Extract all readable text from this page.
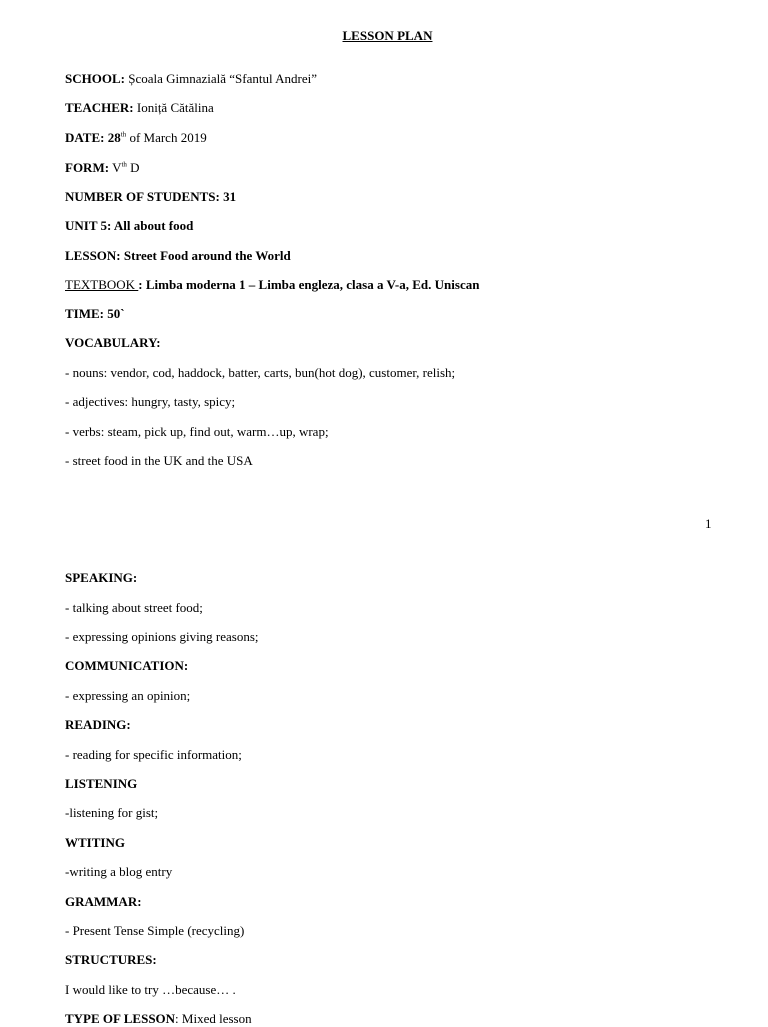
LESSON PLAN
SCHOOL: Școala Gimnazială “Sfantul Andrei”
TEACHER: Ioniță Cătălina
DATE: 28th of March 2019
FORM: Vth D
NUMBER OF STUDENTS: 31
UNIT 5: All about food
LESSON: Street Food around the World
TEXTBOOK : Limba moderna 1 – Limba engleza, clasa a V-a, Ed. Uniscan
TIME: 50`
VOCABULARY:
- nouns: vendor, cod, haddock, batter, carts, bun(hot dog), customer, relish;
- adjectives: hungry, tasty, spicy;
- verbs: steam, pick up, find out, warm…up, wrap;
- street food in the UK and the USA
1
SPEAKING:
- talking about street food;
- expressing opinions giving reasons;
COMMUNICATION:
- expressing an opinion;
READING:
- reading for specific information;
LISTENING
-listening for gist;
WTITING
-writing a blog entry
GRAMMAR:
- Present Tense Simple (recycling)
STRUCTURES:
I would like to try …because… .
TYPE OF LESSON: Mixed lesson
